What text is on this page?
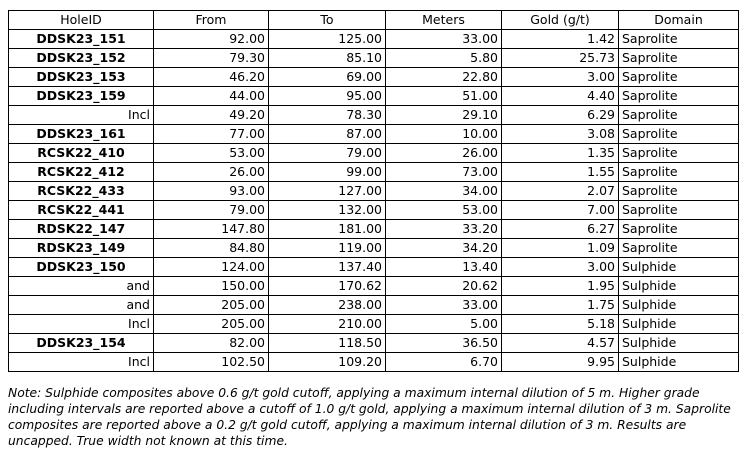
HoleID	From	To	Meters	Gold (g/t)	Domain
DDSK23_151	92.00	125.00	33.00	1.42	Saprolite
DDSK23_152	79.30	85.10	5.80	25.73	Saprolite
DDSK23_153	46.20	69.00	22.80	3.00	Saprolite
DDSK23_159	44.00	95.00	51.00	4.40	Saprolite
Incl	49.20	78.30	29.10	6.29	Saprolite
DDSK23_161	77.00	87.00	10.00	3.08	Saprolite
RCSK22_410	53.00	79.00	26.00	1.35	Saprolite
RCSK22_412	26.00	99.00	73.00	1.55	Saprolite
RCSK22_433	93.00	127.00	34.00	2.07	Saprolite
RCSK22_441	79.00	132.00	53.00	7.00	Saprolite
RDSK22_147	147.80	181.00	33.20	6.27	Saprolite
RDSK23_149	84.80	119.00	34.20	1.09	Saprolite
DDSK23_150	124.00	137.40	13.40	3.00	Sulphide
and	150.00	170.62	20.62	1.95	Sulphide
and	205.00	238.00	33.00	1.75	Sulphide
Incl	205.00	210.00	5.00	5.18	Sulphide
DDSK23_154	82.00	118.50	36.50	4.57	Sulphide
Incl	102.50	109.20	6.70	9.95	Sulphide
Note: Sulphide composites above 0.6 g/t gold cutoff, applying a maximum internal dilution of 5 m. Higher grade including intervals are reported above a cutoff of 1.0 g/t gold, applying a maximum internal dilution of 3 m. Saprolite composites are reported above a 0.2 g/t gold cutoff, applying a maximum internal dilution of 3 m. Results are uncapped. True width not known at this time.
